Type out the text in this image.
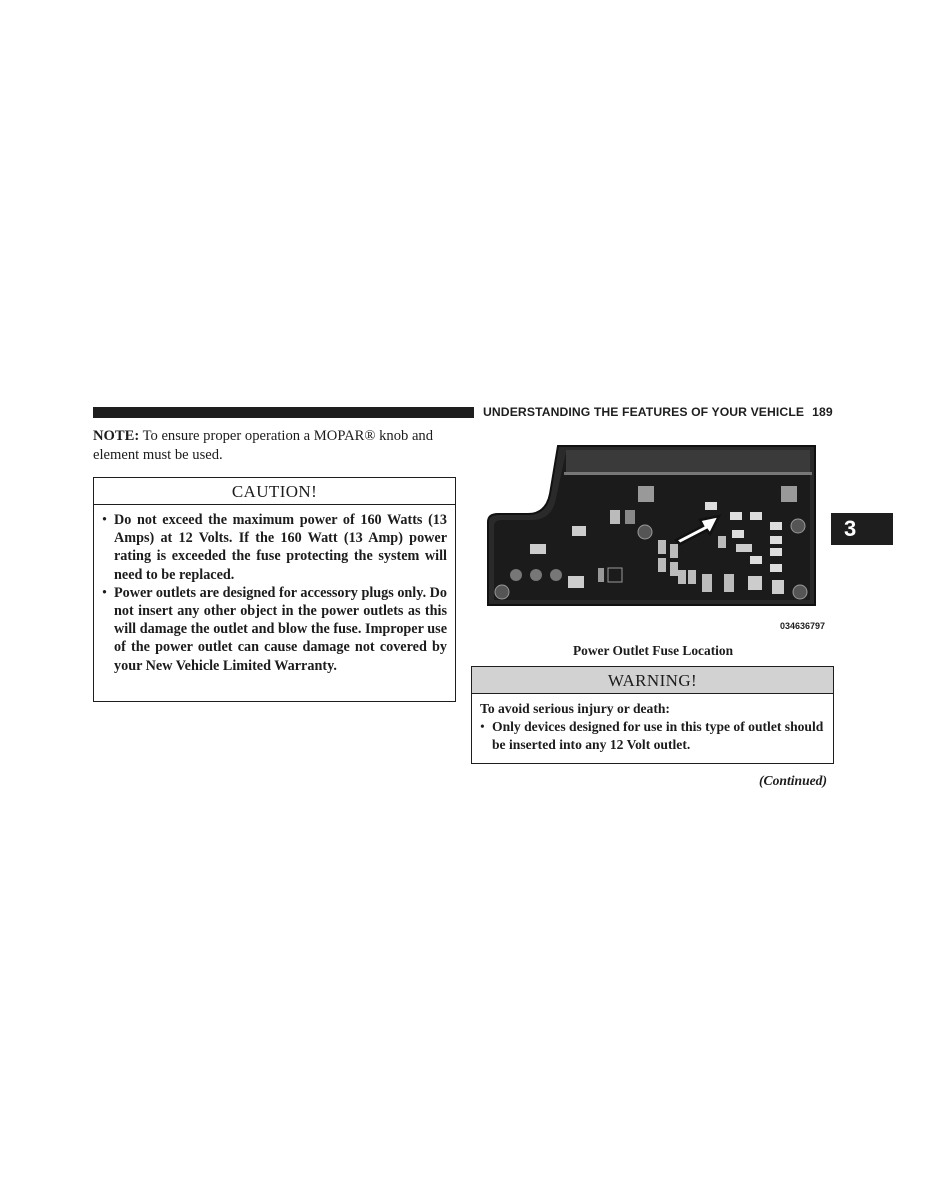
UNDERSTANDING THE FEATURES OF YOUR VEHICLE 189
3
NOTE: To ensure proper operation a MOPAR® knob and element must be used.
CAUTION!
• Do not exceed the maximum power of 160 Watts (13 Amps) at 12 Volts. If the 160 Watt (13 Amp) power rating is exceeded the fuse protecting the system will need to be replaced.
• Power outlets are designed for accessory plugs only. Do not insert any other object in the power outlets as this will damage the outlet and blow the fuse. Improper use of the power outlet can cause damage not covered by your New Vehicle Limited Warranty.
034636797
Power Outlet Fuse Location
WARNING!
To avoid serious injury or death:
• Only devices designed for use in this type of outlet should be inserted into any 12 Volt outlet.
(Continued)
